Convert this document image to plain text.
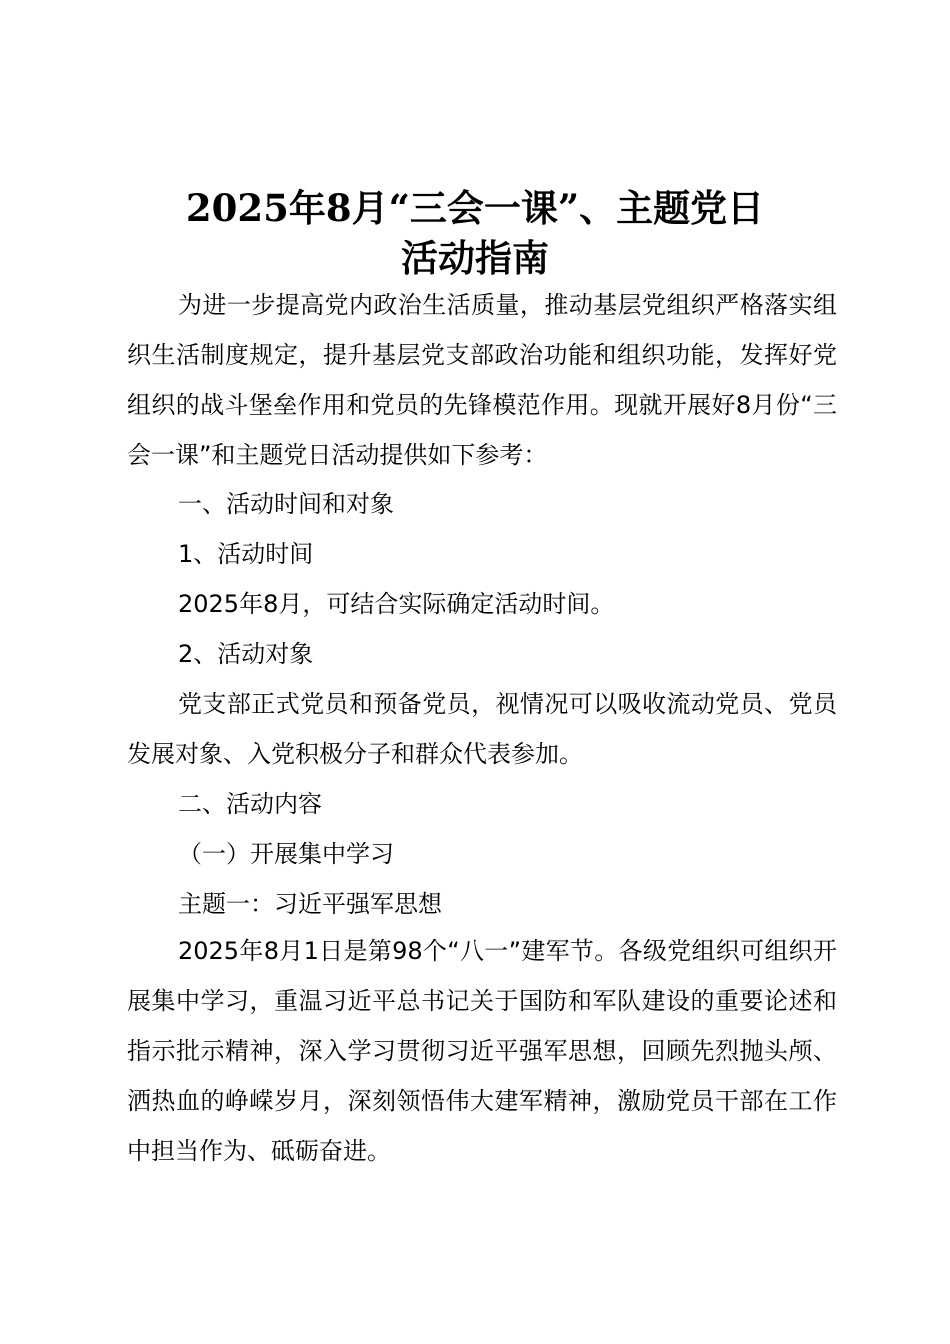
2025年8月“三会一课”、主题党日
活动指南

为进一步提高党内政治生活质量，推动基层党组织严格落实组织生活制度规定，提升基层党支部政治功能和组织功能，发挥好党组织的战斗堡垒作用和党员的先锋模范作用。现就开展好8月份“三会一课”和主题党日活动提供如下参考：

一、活动时间和对象

1、活动时间

2025年8月，可结合实际确定活动时间。

2、活动对象

党支部正式党员和预备党员，视情况可以吸收流动党员、党员发展对象、入党积极分子和群众代表参加。

二、活动内容

（一）开展集中学习

主题一：习近平强军思想

2025年8月1日是第98个“八一”建军节。各级党组织可组织开展集中学习，重温习近平总书记关于国防和军队建设的重要论述和指示批示精神，深入学习贯彻习近平强军思想，回顾先烈抛头颅、洒热血的峥嵘岁月，深刻领悟伟大建军精神，激励党员干部在工作中担当作为、砥砺奋进。
